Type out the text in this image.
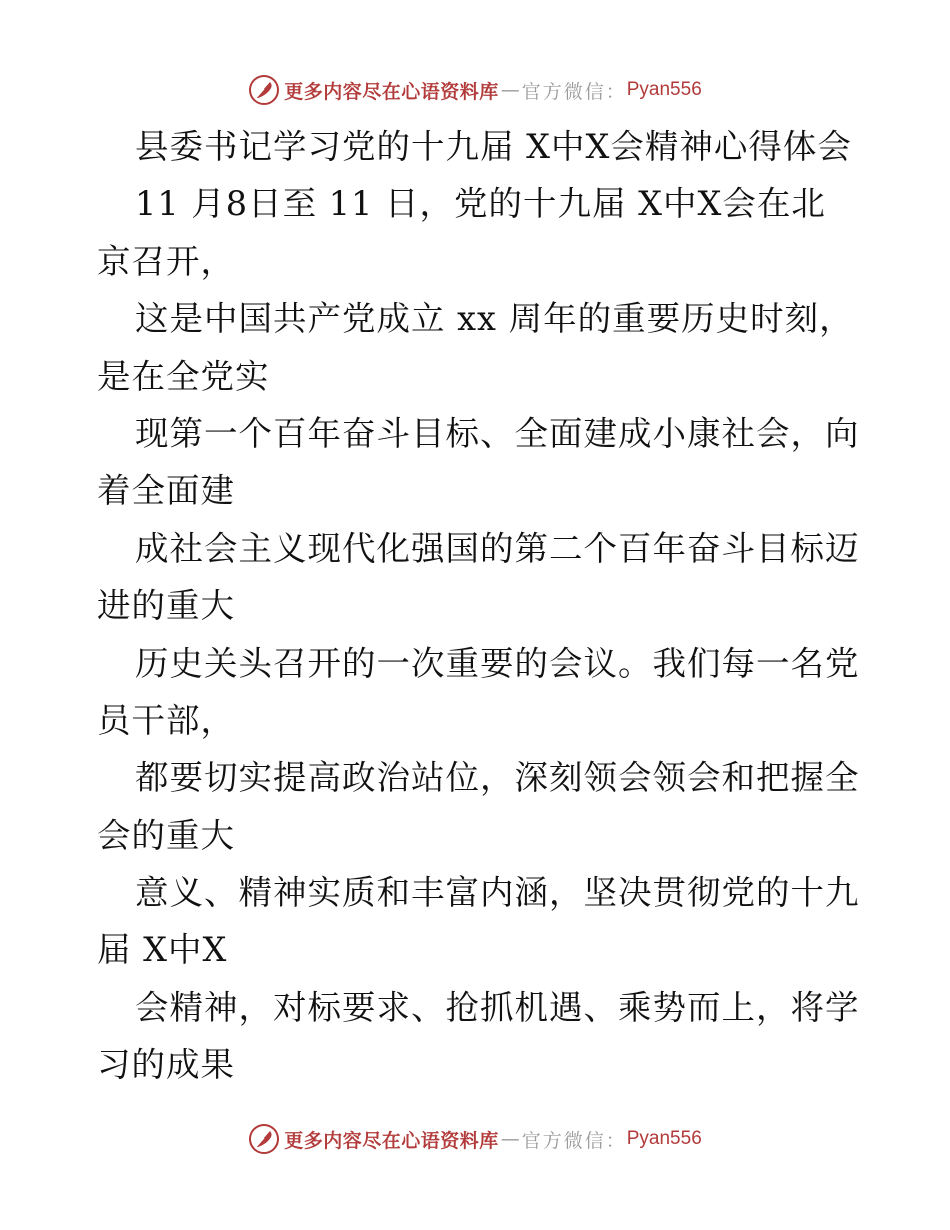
更多内容尽在心语资料库 — 官方微信： Pyan556
县委书记学习党的十九届 X中X会精神心得体会
11 月8日至 11 日，党的十九届 X中X会在北
京召开，
这是中国共产党成立 xx 周年的重要历史时刻，
是在全党实
现第一个百年奋斗目标、全面建成小康社会，向
着全面建
成社会主义现代化强国的第二个百年奋斗目标迈
进的重大
历史关头召开的一次重要的会议。我们每一名党
员干部，
都要切实提高政治站位，深刻领会领会和把握全
会的重大
意义、精神实质和丰富内涵，坚决贯彻党的十九
届 X中X
会精神，对标要求、抢抓机遇、乘势而上，将学
习的成果
更多内容尽在心语资料库 — 官方微信： Pyan556
